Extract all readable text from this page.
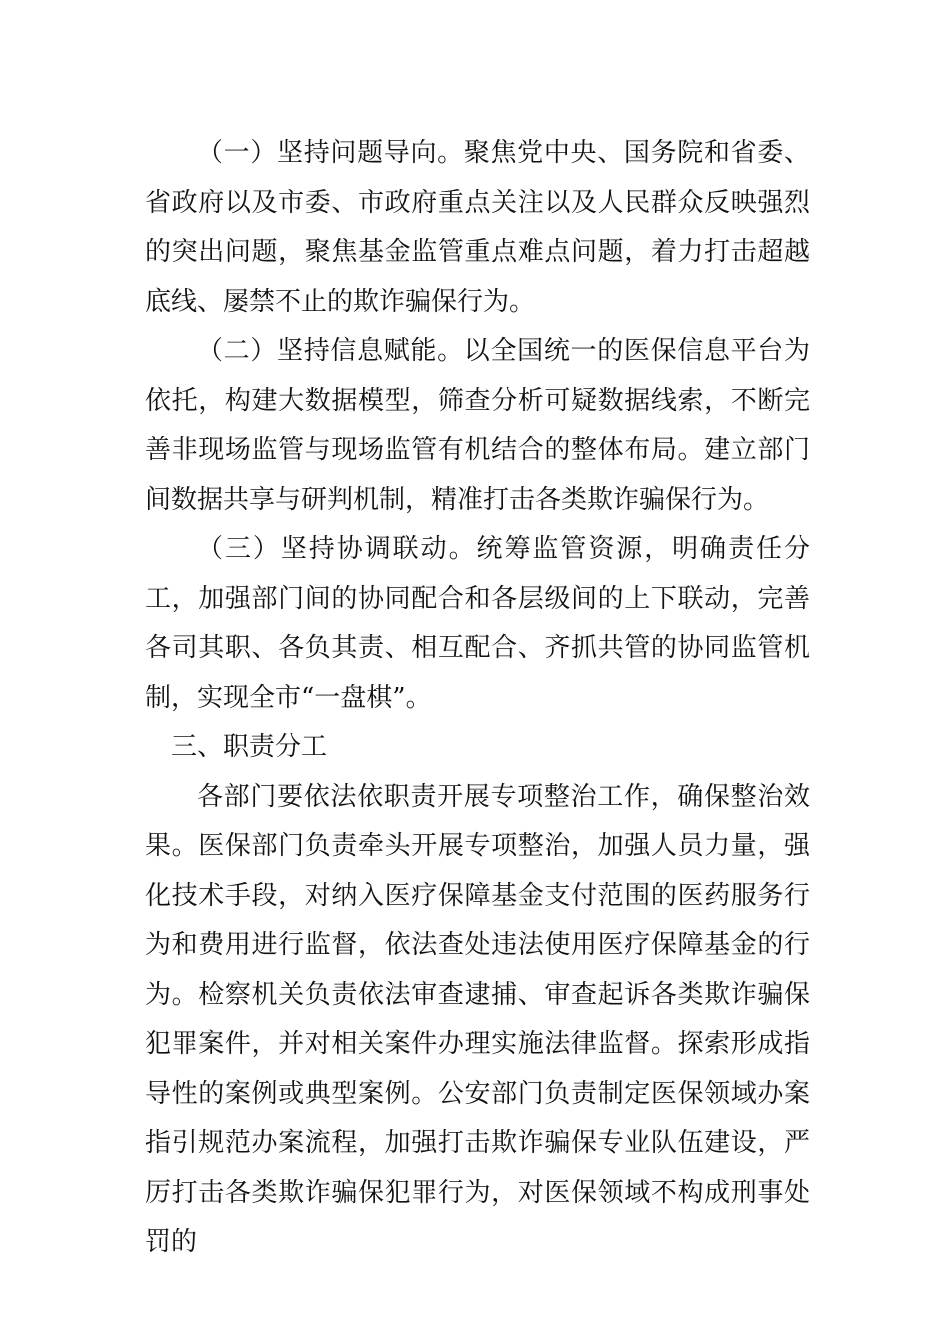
（一）坚持问题导向。聚焦党中央、国务院和省委、省政府以及市委、市政府重点关注以及人民群众反映强烈的突出问题，聚焦基金监管重点难点问题，着力打击超越底线、屡禁不止的欺诈骗保行为。

（二）坚持信息赋能。以全国统一的医保信息平台为依托，构建大数据模型，筛查分析可疑数据线索，不断完善非现场监管与现场监管有机结合的整体布局。建立部门间数据共享与研判机制，精准打击各类欺诈骗保行为。

（三）坚持协调联动。统筹监管资源，明确责任分工，加强部门间的协同配合和各层级间的上下联动，完善各司其职、各负其责、相互配合、齐抓共管的协同监管机制，实现全市“一盘棋”。

三、职责分工

各部门要依法依职责开展专项整治工作，确保整治效果。医保部门负责牵头开展专项整治，加强人员力量，强化技术手段，对纳入医疗保障基金支付范围的医药服务行为和费用进行监督，依法查处违法使用医疗保障基金的行为。检察机关负责依法审查逮捕、审查起诉各类欺诈骗保犯罪案件，并对相关案件办理实施法律监督。探索形成指导性的案例或典型案例。公安部门负责制定医保领域办案指引规范办案流程，加强打击欺诈骗保专业队伍建设，严厉打击各类欺诈骗保犯罪行为，对医保领域不构成刑事处罚的
